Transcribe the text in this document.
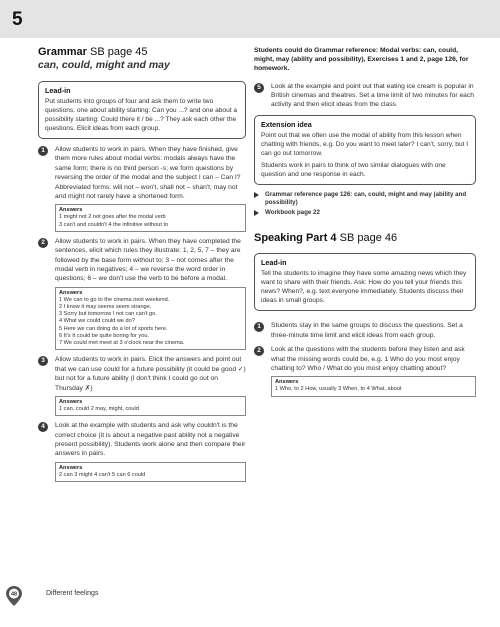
5
Grammar SB page 45
can, could, might and may
Lead-in
Put students into groups of four and ask them to write two questions: one about ability starting: Can you ...? and one about a possibility starting: Could there it / be ...? They ask each other the questions. Elicit ideas from each group.
1	Allow students to work in pairs. When they have finished, give them more rules about modal verbs: modals always have the same form; there is no third person -s; we form questions by reversing the order of the modal and the subject I can – Can I? Abbreviated forms: will not – won't, shall not – shan't; may not and might not rarely have a shortened form.
Answers
1 might not 2 not goes after the modal verb
3 can't and couldn't 4 the infinitive without to
2	Allow students to work in pairs. When they have completed the sentences, elicit which rules they illustrate: 1, 2, 5, 7 – they are followed by the base form without to; 3 – not comes after the modal verb in negatives; 4 – we reverse the word order in questions; 6 – we don't use the verb to be before a modal.
Answers
1 We can to go to the cinema next weekend.
2 I know it may seems seem strange.
3 Sorry but tomorrow I not can can't go.
4 What we could could we do?
5 Here we can doing do a lot of sports here.
6 It's It could be quite boring for you.
7 We could met meet at 3 o'clock near the cinema.
3	Allow students to work in pairs. Elicit the answers and point out that we can use could for a future possibility (it could be good ✓) but not for a future ability (I don't think I could go out on Thursday ✗)
Answers
1 can, could 2 may, might, could
4	Look at the example with students and ask why couldn't is the correct choice (it is about a negative past ability not a negative present possibility). Students work alone and then compare their answers in pairs.
Answers
2 can 3 might 4 can't 5 can 6 could
Students could do Grammar reference: Modal verbs: can, could, might, may (ability and possibility), Exercises 1 and 2, page 126, for homework.
5	Look at the example and point out that eating ice cream is popular in British cinemas and theatres. Set a time limit of two minutes for each activity and then elicit ideas from the class.
Extension idea
Point out that we often use the modal of ability from this lesson when chatting with friends, e.g. Do you want to meet later? I can't, sorry, but I can go out tomorrow.
Students work in pairs to think of two similar dialogues with one question and one response in each.
Grammar reference page 126: can, could, might and may (ability and possibility)
Workbook page 22
Speaking Part 4 SB page 46
Lead-in
Tell the students to imagine they have some amazing news which they want to share with their friends. Ask: How do you tell your friends this news? When?, e.g. text everyone immediately. Students discuss their ideas in small groups.
1	Students stay in the same groups to discuss the questions. Set a three-minute time limit and elicit ideas from each group.
2	Look at the questions with the students before they listen and ask what the missing words could be, e.g. 1 Who do you most enjoy chatting to? Who / What do you most enjoy chatting about?
Answers
1 Who, to 2 How, usually 3 When, to 4 What, about
48	Different feelings
